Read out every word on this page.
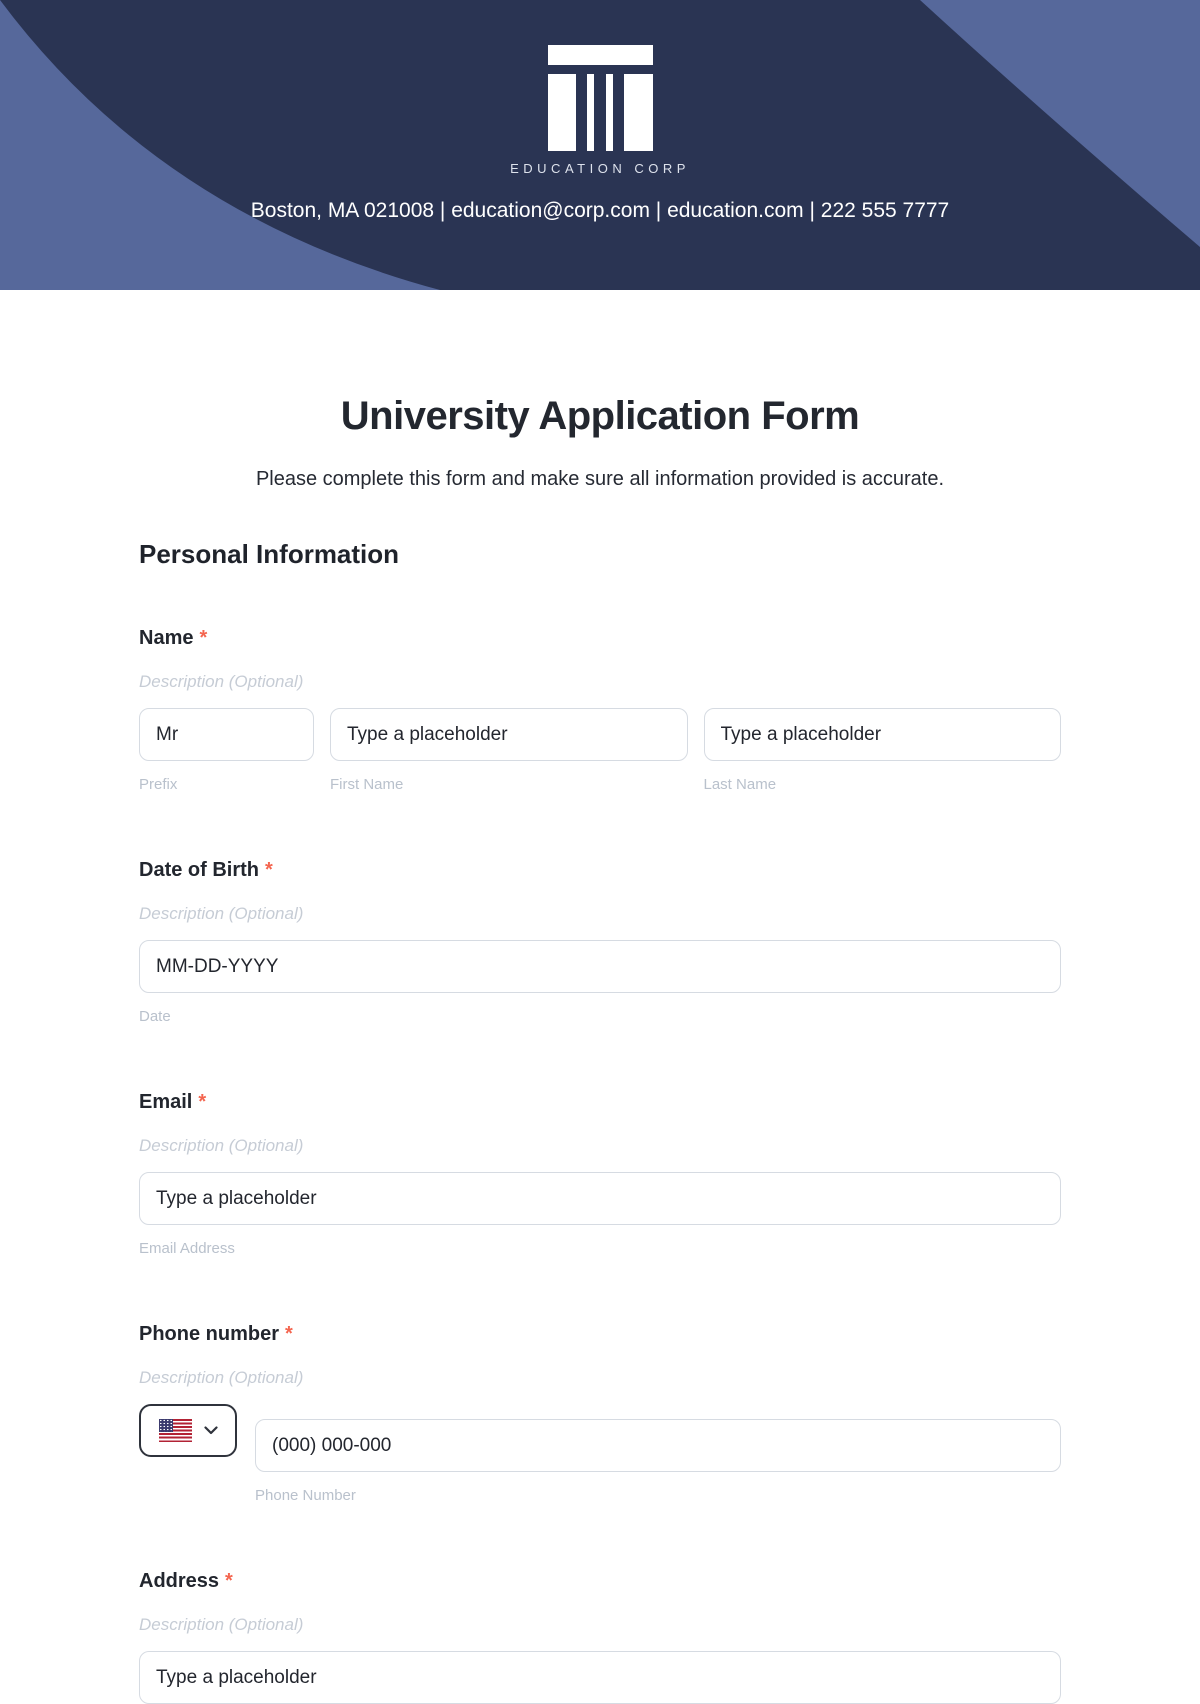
EDUCATION CORP
Boston, MA 021008 | education@corp.com | education.com | 222 555 7777
University Application Form

Please complete this form and make sure all information provided is accurate.

Personal Information
Name *
Description (Optional)
Mr
Type a placeholder
Type a placeholder
Prefix	First Name	Last Name
Date of Birth *
Description (Optional)
MM-DD-YYYY
Date
Email *
Description (Optional)
Type a placeholder
Email Address
Phone number *
Description (Optional)
(000) 000-000
Phone Number
Address *
Description (Optional)
Type a placeholder
